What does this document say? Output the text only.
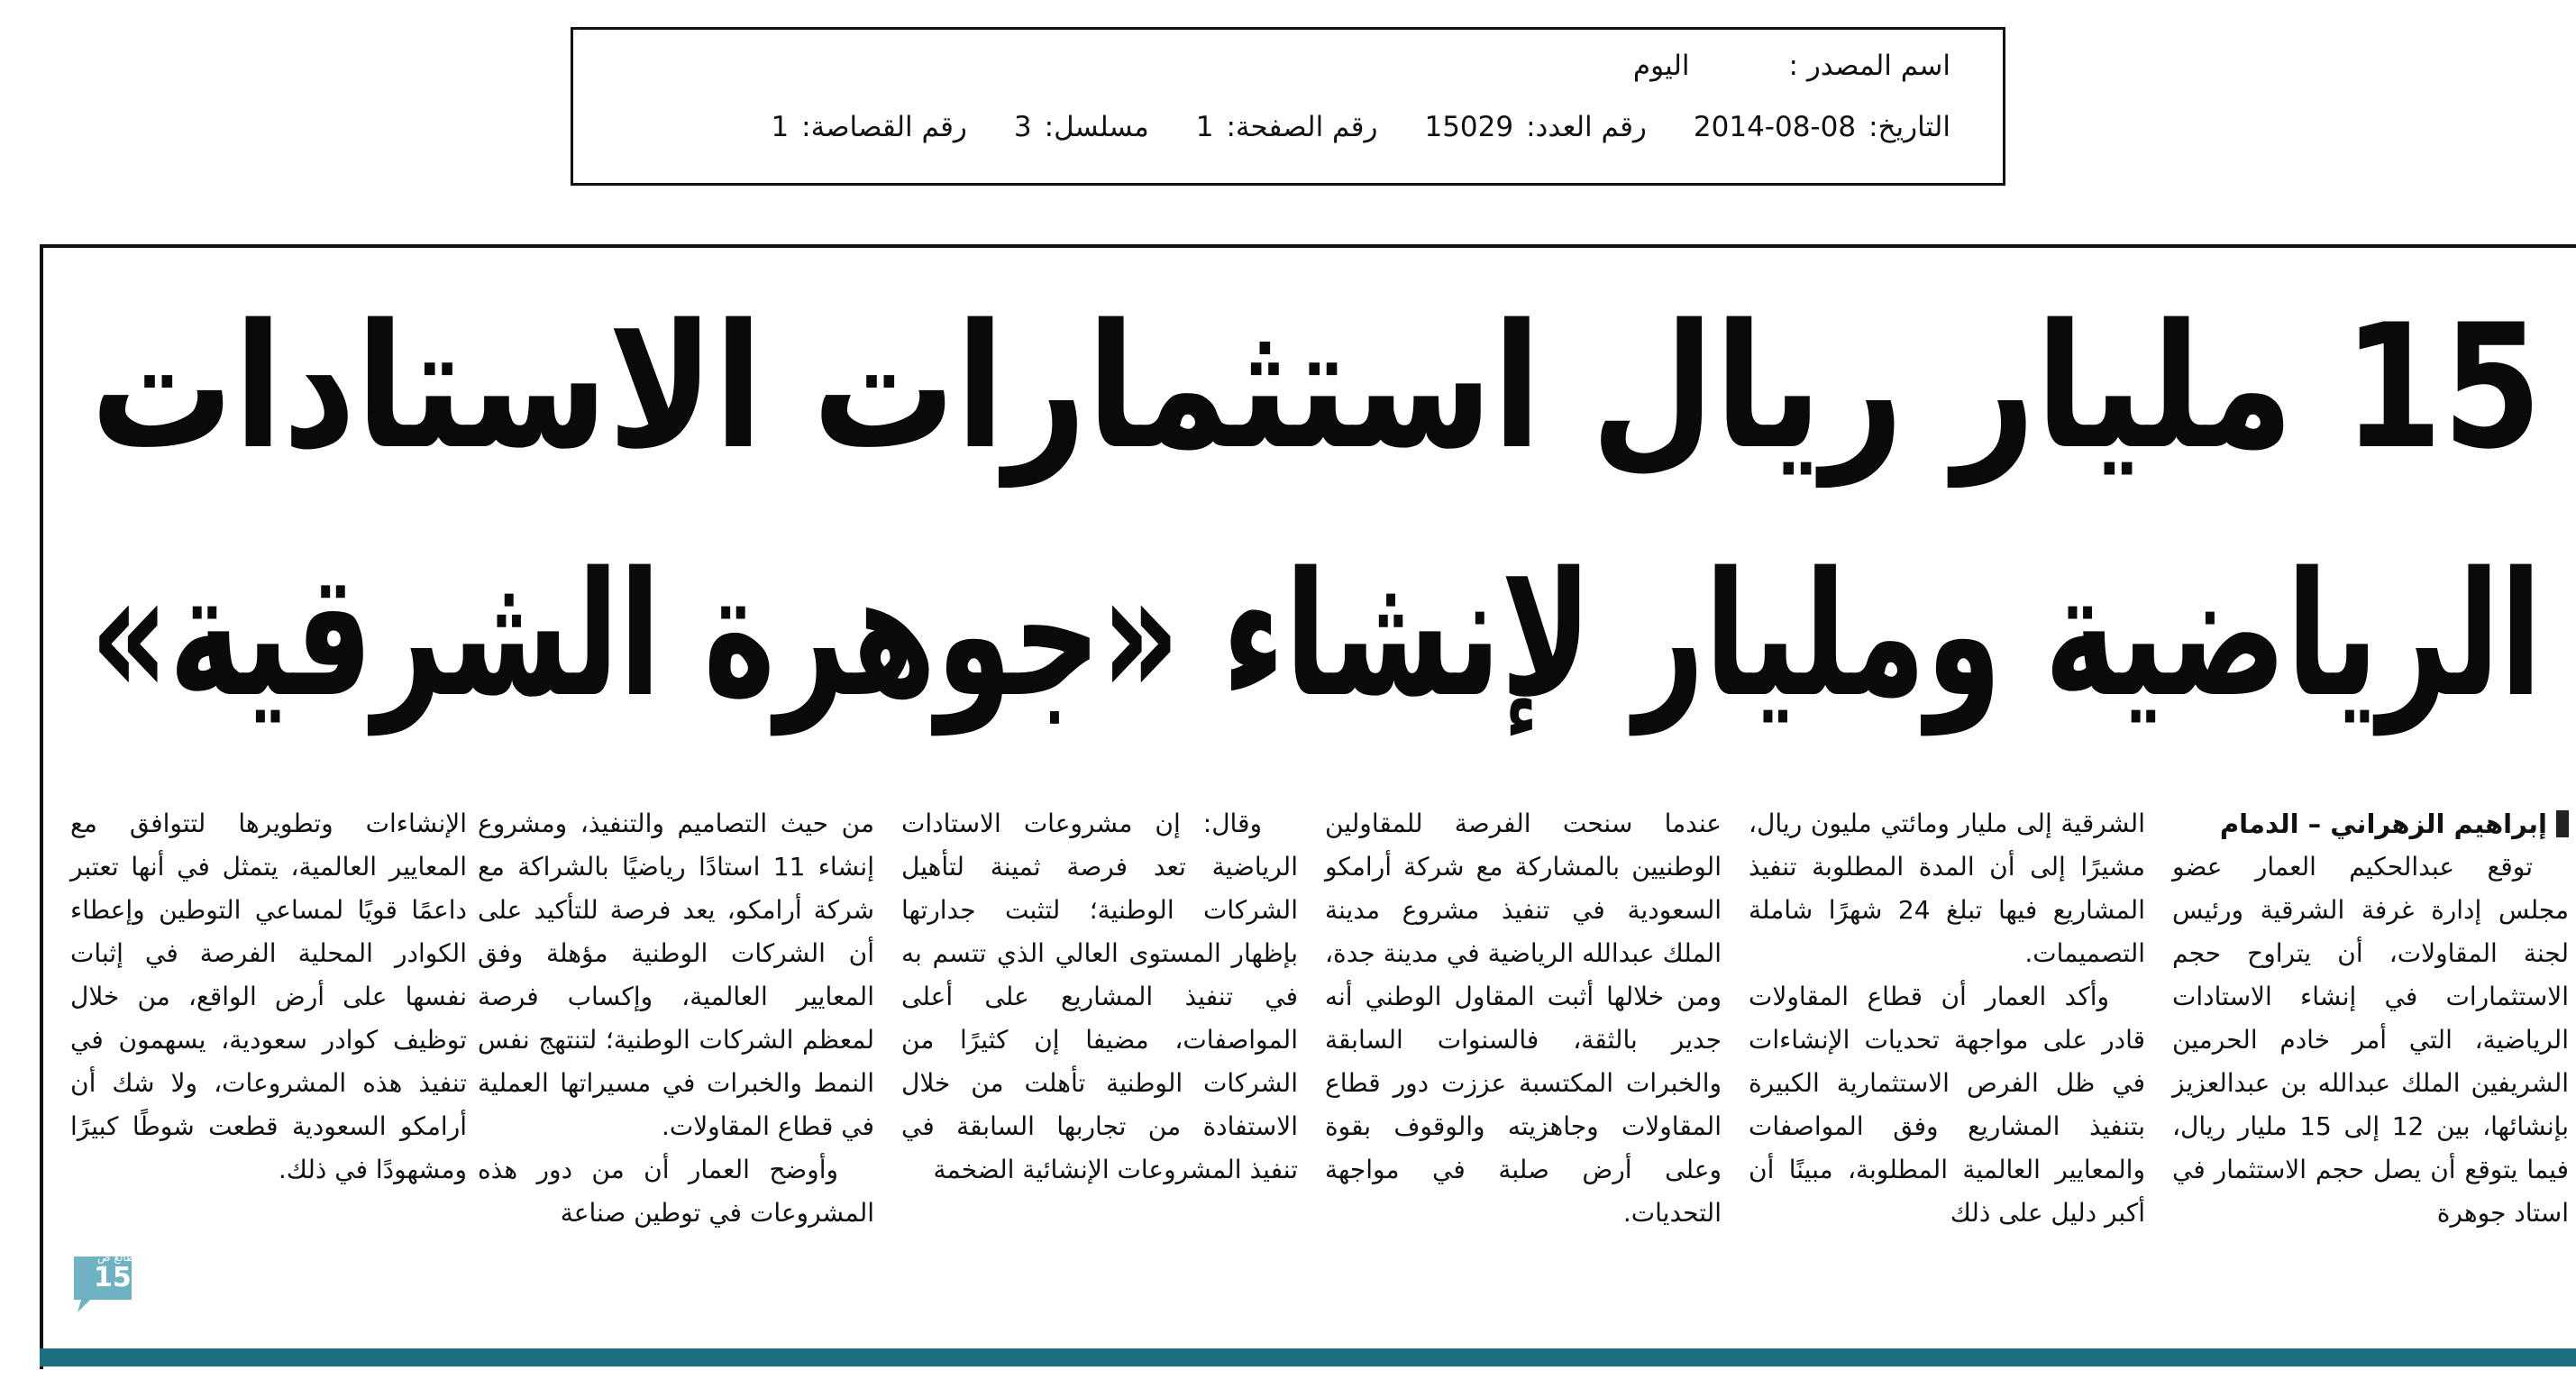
اسم المصدر :
اليوم
التاريخ:
2014-08-08
رقم العدد:
15029
رقم الصفحة:
1
مسلسل:
3
رقم القصاصة:
1
15 مليار ريال استثمارات الاستادات
الرياضية ومليار لإنشاء «جوهرة الشرقية»
إبراهيم الزهراني – الدمام

توقع عبدالحكيم العمار عضو مجلس إدارة غرفة الشرقية ورئيس لجنة المقاولات، أن يتراوح حجم الاستثمارات في إنشاء الاستادات الرياضية، التي أمر خادم الحرمين الشريفين الملك عبدالله بن عبدالعزيز بإنشائها، بين 12 إلى 15 مليار ريال، فيما يتوقع أن يصل حجم الاستثمار في استاد جوهرة

الشرقية إلى مليار ومائتي مليون ريال، مشيرًا إلى أن المدة المطلوبة تنفيذ المشاريع فيها تبلغ 24 شهرًا شاملة التصميمات.

وأكد العمار أن قطاع المقاولات قادر على مواجهة تحديات الإنشاءات في ظل الفرص الاستثمارية الكبيرة بتنفيذ المشاريع وفق المواصفات والمعايير العالمية المطلوبة، مبينًا أن أكبر دليل على ذلك

عندما سنحت الفرصة للمقاولين الوطنيين بالمشاركة مع شركة أرامكو السعودية في تنفيذ مشروع مدينة الملك عبدالله الرياضية في مدينة جدة، ومن خلالها أثبت المقاول الوطني أنه جدير بالثقة، فالسنوات السابقة والخبرات المكتسبة عززت دور قطاع المقاولات وجاهزيته والوقوف بقوة وعلى أرض صلبة في مواجهة التحديات.

وقال: إن مشروعات الاستادات الرياضية تعد فرصة ثمينة لتأهيل الشركات الوطنية؛ لتثبت جدارتها بإظهار المستوى العالي الذي تتسم به في تنفيذ المشاريع على أعلى المواصفات، مضيفا إن كثيرًا من الشركات الوطنية تأهلت من خلال الاستفادة من تجاربها السابقة في تنفيذ المشروعات الإنشائية الضخمة

من حيث التصاميم والتنفيذ، ومشروع إنشاء 11 استادًا رياضيًا بالشراكة مع شركة أرامكو، يعد فرصة للتأكيد على أن الشركات الوطنية مؤهلة وفق المعايير العالمية، وإكساب فرصة لمعظم الشركات الوطنية؛ لتنتهج نفس النمط والخبرات في مسيراتها العملية في قطاع المقاولات.

وأوضح العمار أن من دور هذه المشروعات في توطين صناعة

الإنشاءات وتطويرها لتتوافق مع المعايير العالمية، يتمثل في أنها تعتبر داعمًا قويًا لمساعي التوطين وإعطاء الكوادر المحلية الفرصة في إثبات نفسها على أرض الواقع، من خلال توظيف كوادر سعودية، يسهمون في تنفيذ هذه المشروعات، ولا شك أن أرامكو السعودية قطعت شوطًا كبيرًا ومشهودًا في ذلك.

طالع ص
15
